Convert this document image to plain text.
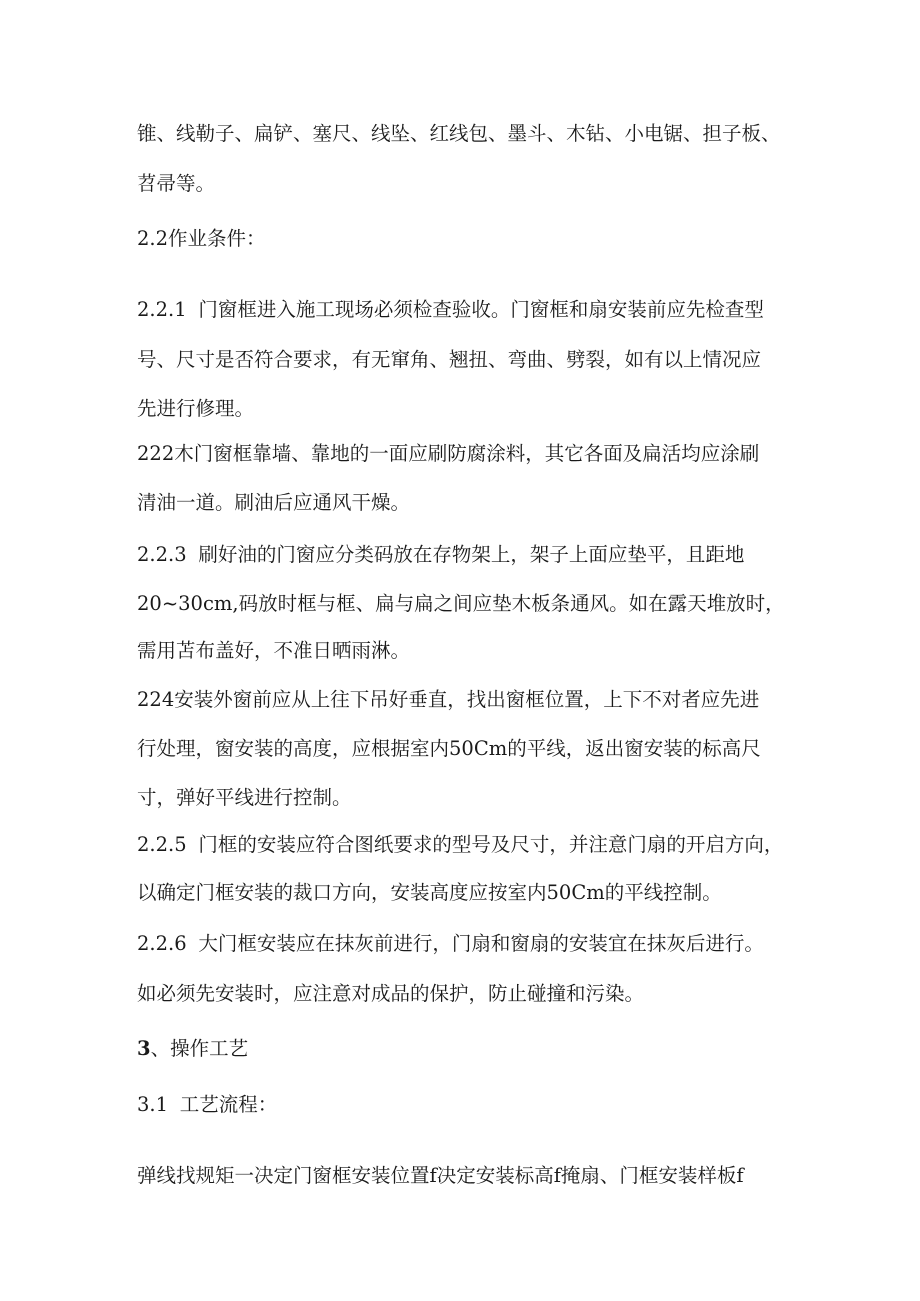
锥、线勒子、扁铲、塞尺、线坠、红线包、墨斗、木钻、小电锯、担子板、
苕帚等。
2.2作业条件：
2.2.1 门窗框进入施工现场必须检查验收。门窗框和扇安装前应先检查型
号、尺寸是否符合要求，有无窜角、翘扭、弯曲、劈裂，如有以上情况应
先进行修理。
222木门窗框靠墙、靠地的一面应刷防腐涂料，其它各面及扁活均应涂刷
清油一道。刷油后应通风干燥。
2.2.3 刷好油的门窗应分类码放在存物架上，架子上面应垫平，且距地
20~30cm,码放时框与框、扁与扁之间应垫木板条通风。如在露天堆放时，
需用苫布盖好，不准日晒雨淋。
224安装外窗前应从上往下吊好垂直，找出窗框位置，上下不对者应先进
行处理，窗安装的高度，应根据室内50Cm的平线，返出窗安装的标高尺
寸，弹好平线进行控制。
2.2.5 门框的安装应符合图纸要求的型号及尺寸，并注意门扇的开启方向，
以确定门框安装的裁口方向，安装高度应按室内50Cm的平线控制。
2.2.6 大门框安装应在抹灰前进行，门扇和窗扇的安装宜在抹灰后进行。
如必须先安装时，应注意对成品的保护，防止碰撞和污染。
3、操作工艺
3.1 工艺流程：
弹线找规矩一决定门窗框安装位置f决定安装标高f掩扇、门框安装样板f
